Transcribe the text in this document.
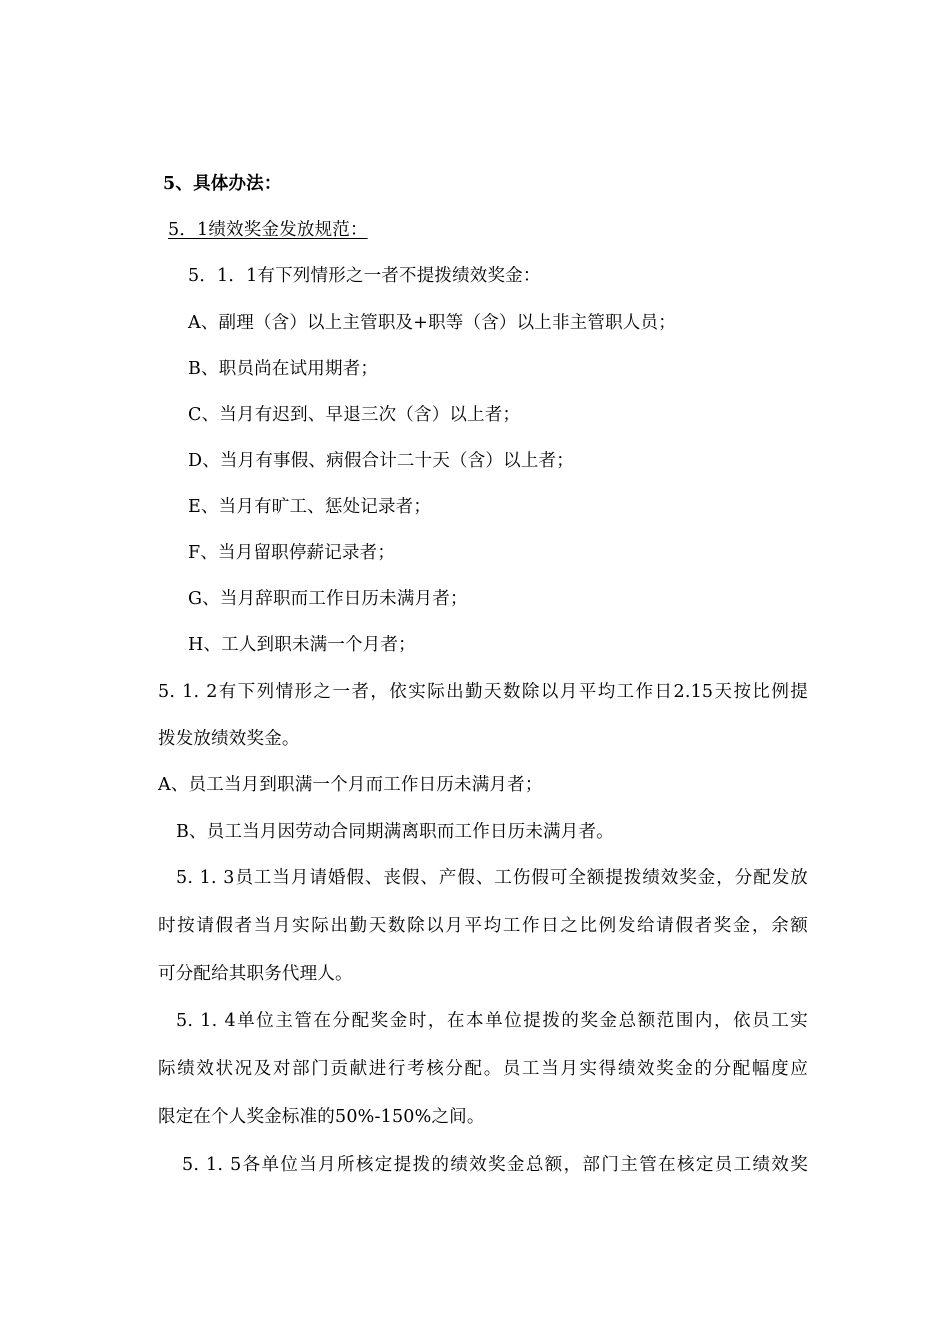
5、具体办法：
5．1绩效奖金发放规范：
5．1．1有下列情形之一者不提拨绩效奖金：
A、副理（含）以上主管职及+职等（含）以上非主管职人员；
B、职员尚在试用期者；
C、当月有迟到、早退三次（含）以上者；
D、当月有事假、病假合计二十天（含）以上者；
E、当月有旷工、惩处记录者；
F、当月留职停薪记录者；
G、当月辞职而工作日历未满月者；
H、工人到职未满一个月者；
5. 1. 2有下列情形之一者，依实际出勤天数除以月平均工作日2.15天按比例提
拨发放绩效奖金。
A、员工当月到职满一个月而工作日历未满月者；
B、员工当月因劳动合同期满离职而工作日历未满月者。
5. 1. 3员工当月请婚假、丧假、产假、工伤假可全额提拨绩效奖金，分配发放
时按请假者当月实际出勤天数除以月平均工作日之比例发给请假者奖金，余额
可分配给其职务代理人。
5. 1. 4单位主管在分配奖金时，在本单位提拨的奖金总额范围内，依员工实
际绩效状况及对部门贡献进行考核分配。员工当月实得绩效奖金的分配幅度应
限定在个人奖金标准的50%-150%之间。
5. 1. 5各单位当月所核定提拨的绩效奖金总额，部门主管在核定员工绩效奖
